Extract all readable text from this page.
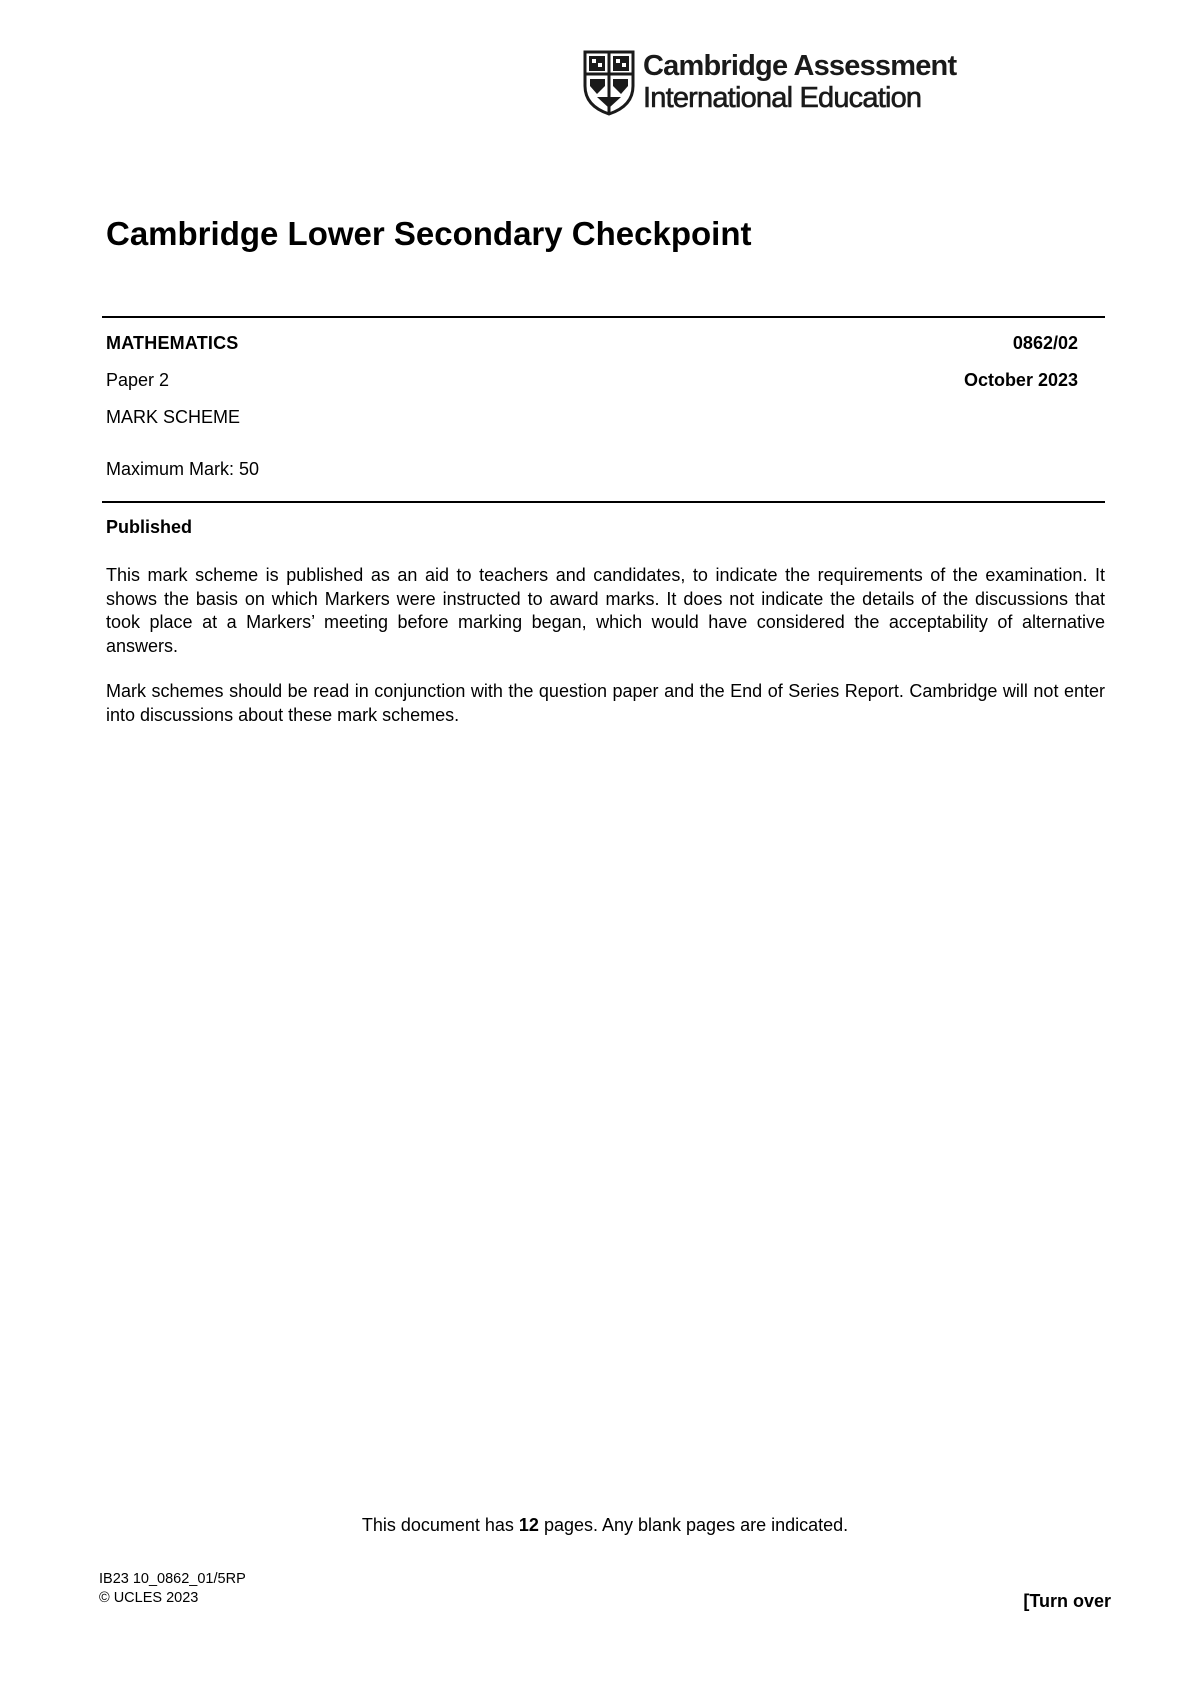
Cambridge Assessment
International Education
Cambridge Lower Secondary Checkpoint
MATHEMATICS
Paper 2
MARK SCHEME
Maximum Mark: 50
0862/02
October 2023
Published

This mark scheme is published as an aid to teachers and candidates, to indicate the requirements of the examination. It shows the basis on which Markers were instructed to award marks. It does not indicate the details of the discussions that took place at a Markers’ meeting before marking began, which would have considered the acceptability of alternative answers.

Mark schemes should be read in conjunction with the question paper and the End of Series Report. Cambridge will not enter into discussions about these mark schemes.

This document has 12 pages. Any blank pages are indicated.
IB23 10_0862_01/5RP
© UCLES 2023	[Turn over
